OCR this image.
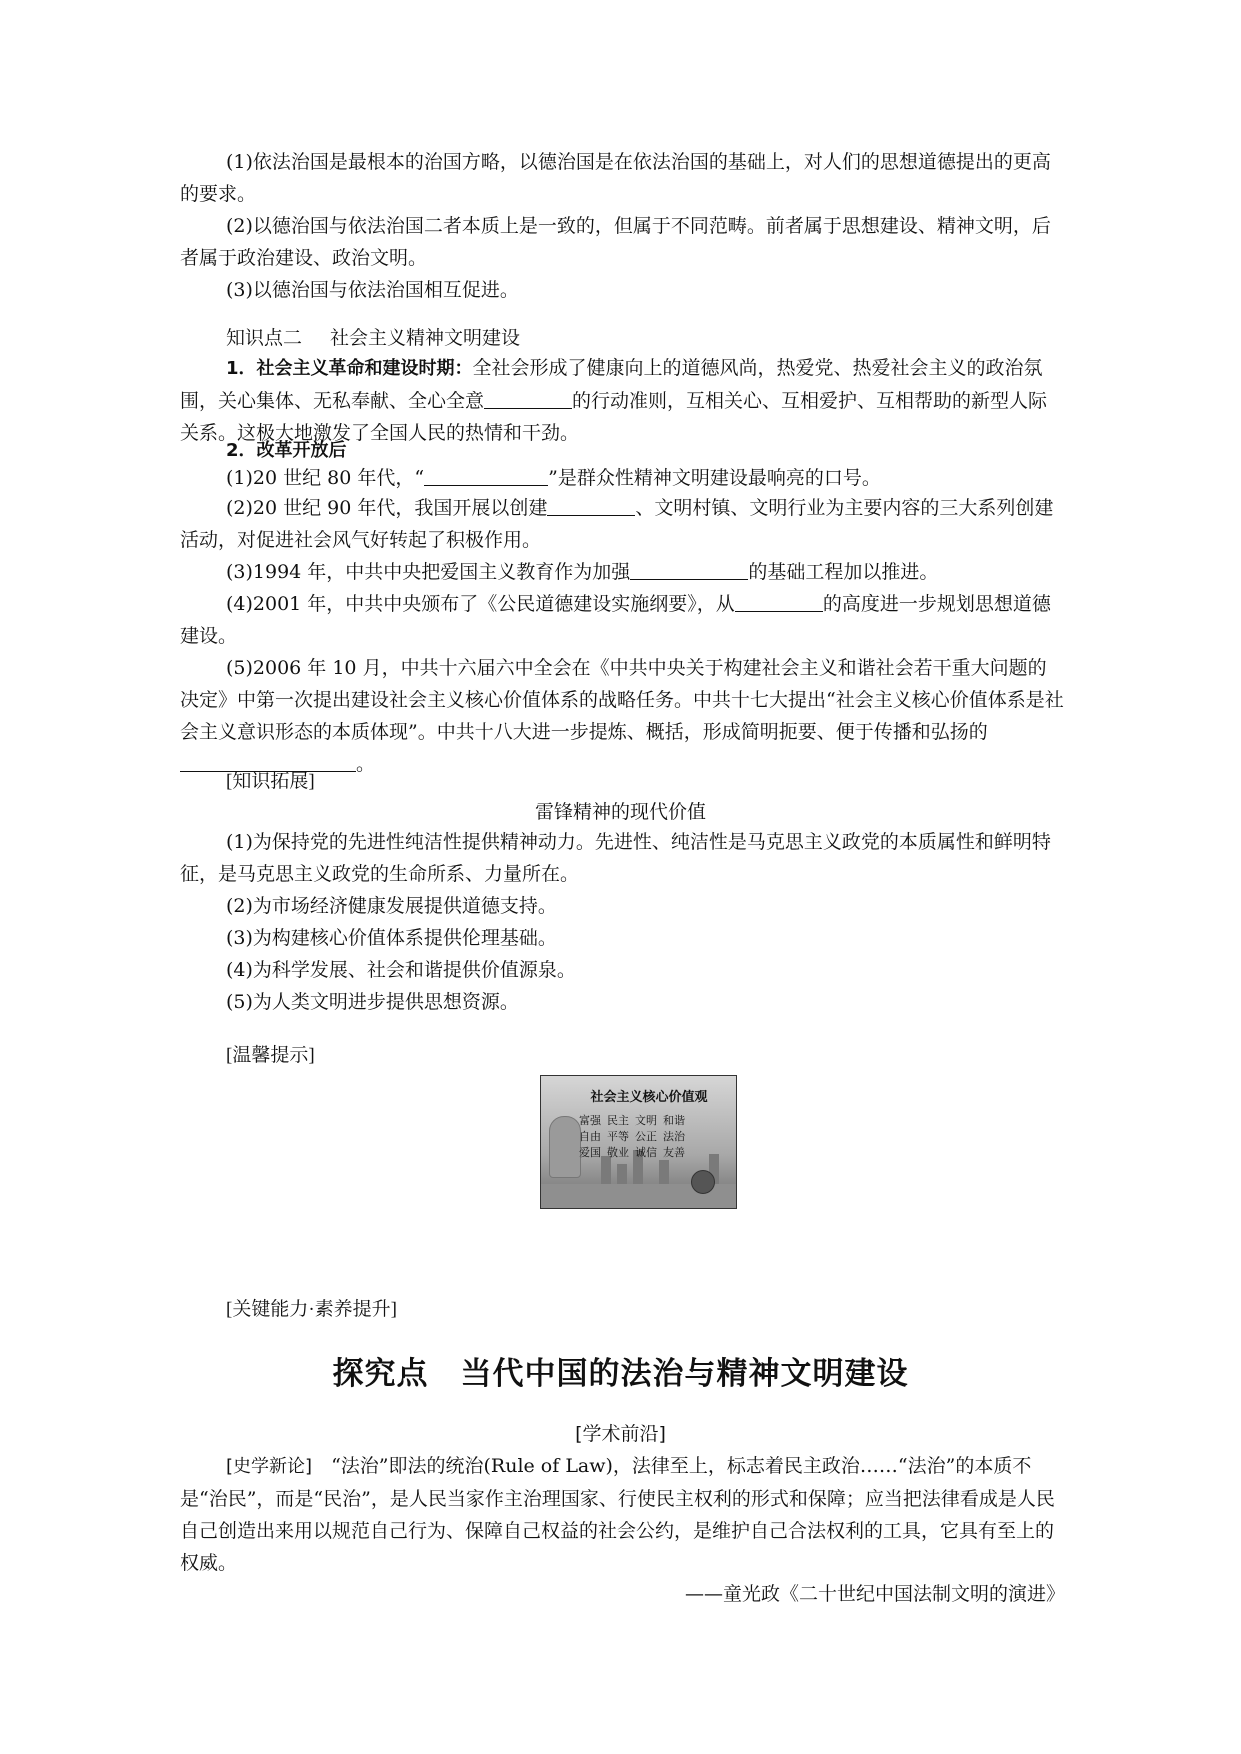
(1)依法治国是最根本的治国方略，以德治国是在依法治国的基础上，对人们的思想道德提出的更高的要求。
(2)以德治国与依法治国二者本质上是一致的，但属于不同范畴。前者属于思想建设、精神文明，后者属于政治建设、政治文明。
(3)以德治国与依法治国相互促进。
知识点二 社会主义精神文明建设
1．社会主义革命和建设时期：全社会形成了健康向上的道德风尚，热爱党、热爱社会主义的政治氛围，关心集体、无私奉献、全心全意	的行动准则，互相关心、互相爱护、互相帮助的新型人际关系。这极大地激发了全国人民的热情和干劲。
2．改革开放后
(1)20 世纪 80 年代，“	”是群众性精神文明建设最响亮的口号。
(2)20 世纪 90 年代，我国开展以创建	、文明村镇、文明行业为主要内容的三大系列创建活动，对促进社会风气好转起了积极作用。
(3)1994 年，中共中央把爱国主义教育作为加强	的基础工程加以推进。
(4)2001 年，中共中央颁布了《公民道德建设实施纲要》，从	的高度进一步规划思想道德建设。
(5)2006 年 10 月，中共十六届六中全会在《中共中央关于构建社会主义和谐社会若干重大问题的决定》中第一次提出建设社会主义核心价值体系的战略任务。中共十七大提出“社会主义核心价值体系是社会主义意识形态的本质体现”。中共十八大进一步提炼、概括，形成简明扼要、便于传播和弘扬的。
[知识拓展]
雷锋精神的现代价值
(1)为保持党的先进性纯洁性提供精神动力。先进性、纯洁性是马克思主义政党的本质属性和鲜明特征，是马克思主义政党的生命所系、力量所在。
(2)为市场经济健康发展提供道德支持。
(3)为构建核心价值体系提供伦理基础。
(4)为科学发展、社会和谐提供价值源泉。
(5)为人类文明进步提供思想资源。
[温馨提示]
社会主义核心价值观
富强 民主 文明 和谐
自由 平等 公正 法治
爱国 敬业 诚信 友善
[关键能力·素养提升]
探究点　当代中国的法治与精神文明建设
[学术前沿]
[史学新论]　 “法治”即法的统治(Rule of Law)，法律至上，标志着民主政治……“法治”的本质不是“治民”，而是“民治”，是人民当家作主治理国家、行使民主权利的形式和保障；应当把法律看成是人民自己创造出来用以规范自己行为、保障自己权益的社会公约，是维护自己合法权利的工具，它具有至上的权威。
——童光政《二十世纪中国法制文明的演进》
